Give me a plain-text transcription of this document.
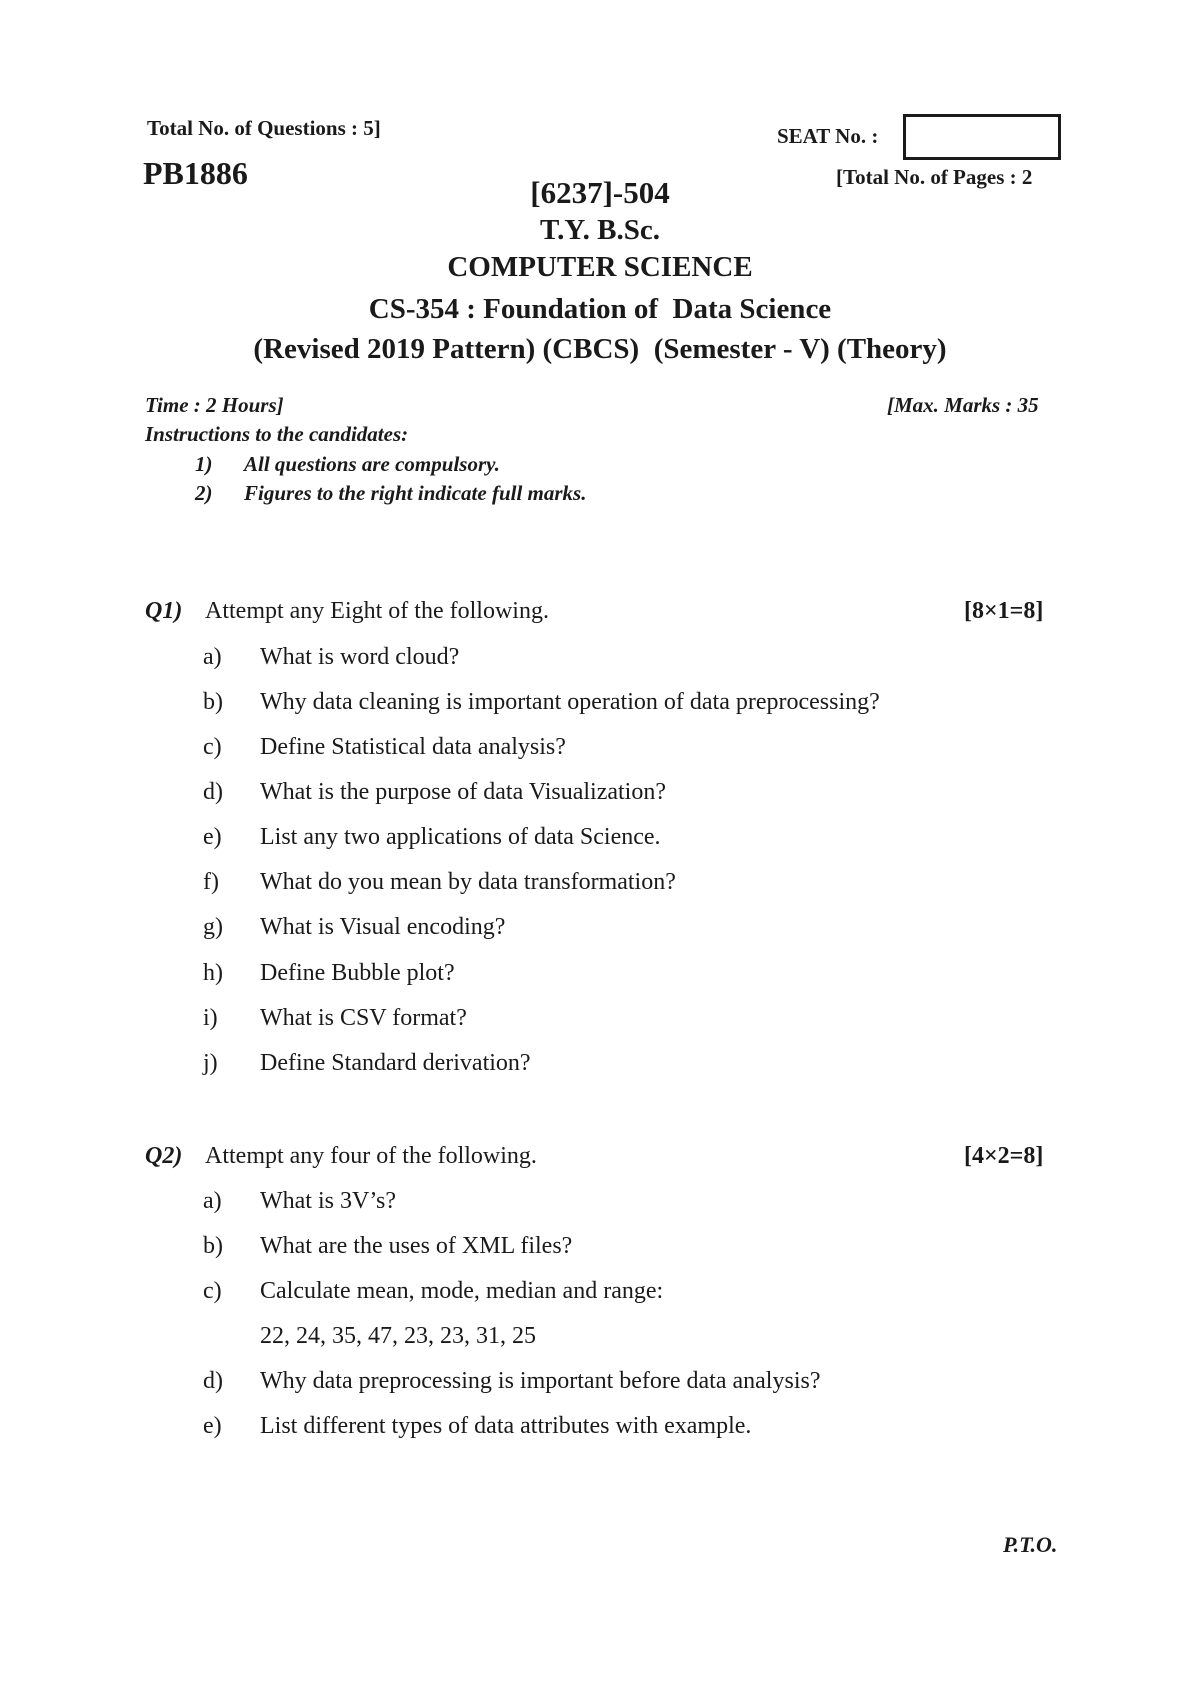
Total No. of Questions : 5]
PB1886
SEAT No. :
[Total No. of Pages : 2
[6237]-504
T.Y. B.Sc.
COMPUTER SCIENCE
CS-354 : Foundation of  Data Science
(Revised 2019 Pattern) (CBCS)  (Semester - V) (Theory)
Time : 2 Hours]	[Max. Marks : 35
Instructions to the candidates:
1) All questions are compulsory.
2) Figures to the right indicate full marks.
Q1) Attempt any Eight of the following.	[8×1=8]
a) What is word cloud?
b) Why data cleaning is important operation of data preprocessing?
c) Define Statistical data analysis?
d) What is the purpose of data Visualization?
e) List any two applications of data Science.
f) What do you mean by data transformation?
g) What is Visual encoding?
h) Define Bubble plot?
i) What is CSV format?
j) Define Standard derivation?
Q2) Attempt any four of the following.	[4×2=8]
a) What is 3V’s?
b) What are the uses of XML files?
c) Calculate mean, mode, median and range:
22, 24, 35, 47, 23, 23, 31, 25
d) Why data preprocessing is important before data analysis?
e) List different types of data attributes with example.
P.T.O.
